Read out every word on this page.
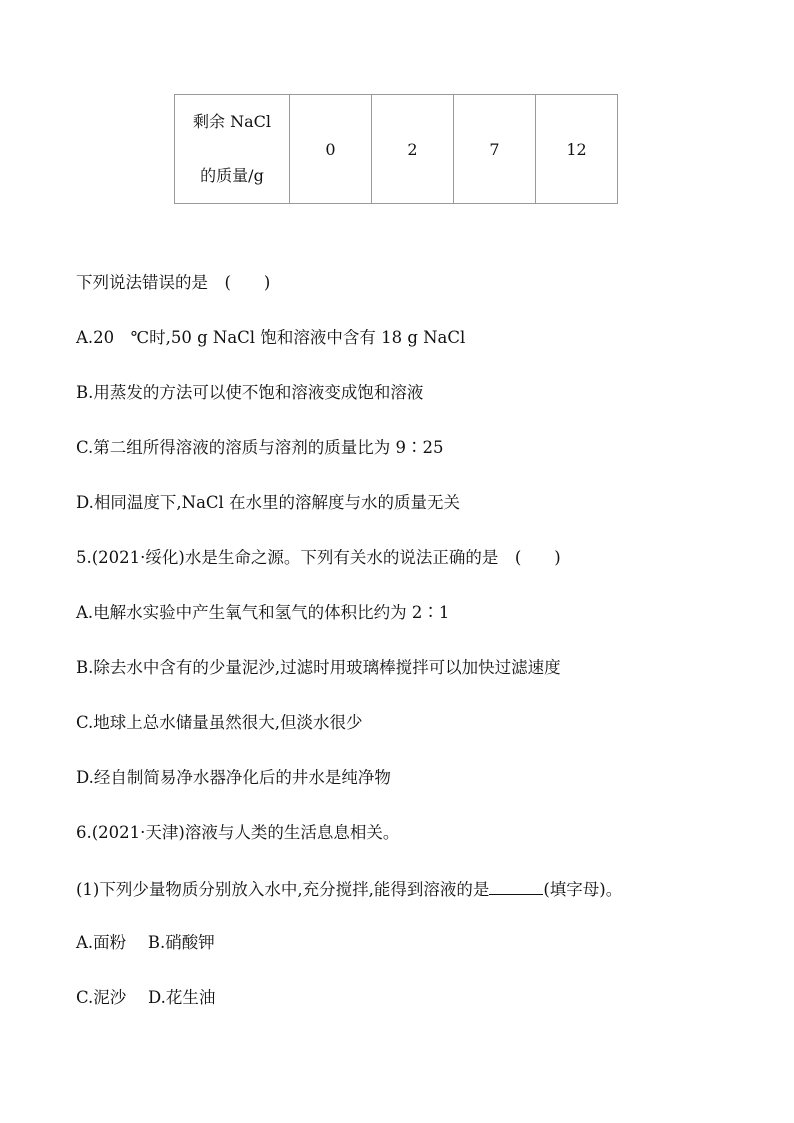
剩余 NaCl
的质量/g
	0	2	7	12
下列说法错误的是　(　　)
A.20　℃时,50 g NaCl 饱和溶液中含有 18 g NaCl
B.用蒸发的方法可以使不饱和溶液变成饱和溶液
C.第二组所得溶液的溶质与溶剂的质量比为 9∶25
D.相同温度下,NaCl 在水里的溶解度与水的质量无关
5.(2021·绥化)水是生命之源。下列有关水的说法正确的是　(　　)
A.电解水实验中产生氧气和氢气的体积比约为 2∶1
B.除去水中含有的少量泥沙,过滤时用玻璃棒搅拌可以加快过滤速度
C.地球上总水储量虽然很大,但淡水很少
D.经自制简易净水器净化后的井水是纯净物
6.(2021·天津)溶液与人类的生活息息相关。
(1)下列少量物质分别放入水中,充分搅拌,能得到溶液的是	(填字母)。
A.面粉　 B.硝酸钾
C.泥沙　 D.花生油
